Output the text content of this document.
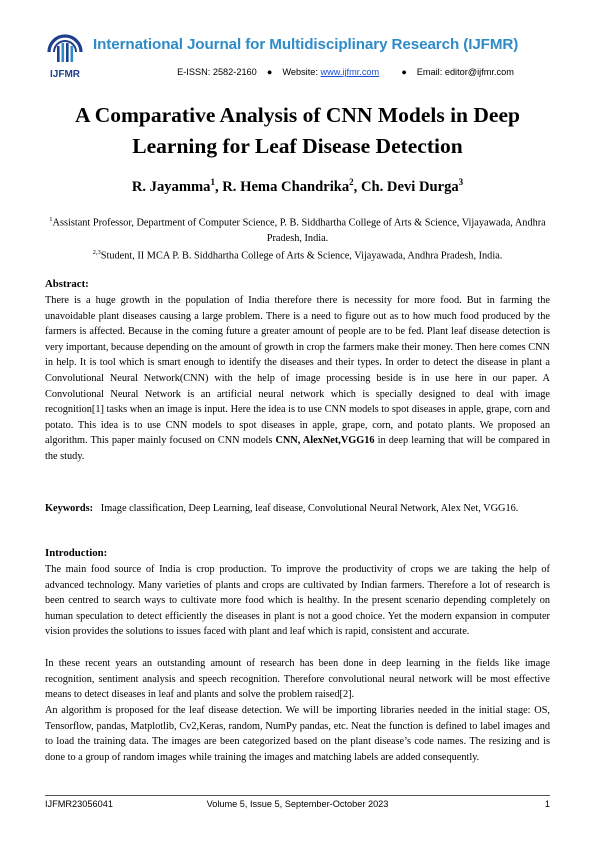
IJFMR
International Journal for Multidisciplinary Research (IJFMR)
E-ISSN: 2582-2160 ● Website: www.ijfmr.com ● Email: editor@ijfmr.com
A Comparative Analysis of CNN Models in Deep Learning for Leaf Disease Detection
R. Jayamma$^1$, R. Hema Chandrika$^2$, Ch. Devi Durga$^3$
$^1$Assistant Professor, Department of Computer Science, P. B. Siddhartha College of Arts & Science, Vijayawada, Andhra Pradesh, India.
$^{2,3}$Student, II MCA P. B. Siddhartha College of Arts & Science, Vijayawada, Andhra Pradesh, India.
Abstract:
There is a huge growth in the population of India therefore there is necessity for more food. But in farming the unavoidable plant diseases causing a large problem. There is a need to figure out as to how much food produced by the farmers is affected. Because in the coming future a greater amount of people are to be fed. Plant leaf disease detection is very important, because depending on the amount of growth in crop the farmers make their money. Then here comes CNN in help. It is tool which is smart enough to identify the diseases and their types. In order to detect the disease in plant a Convolutional Neural Network(CNN) with the help of image processing beside is in use here in our paper. A Convolutional Neural Network is an artificial neural network which is specially designed to deal with image recognition[1] tasks when an image is input. Here the idea is to use CNN models to spot diseases in apple, grape, corn and potato. This idea is to use CNN models to spot diseases in apple, grape, corn, and potato plants. We proposed an algorithm. This paper mainly focused on CNN models CNN, AlexNet,VGG16 in deep learning that will be compared in the study.
Keywords: Image classification, Deep Learning, leaf disease, Convolutional Neural Network, Alex Net, VGG16.
Introduction:
The main food source of India is crop production. To improve the productivity of crops we are taking the help of advanced technology. Many varieties of plants and crops are cultivated by Indian farmers. Therefore a lot of research is been centred to search ways to cultivate more food which is healthy. In the present scenario depending completely on human speculation to detect efficiently the diseases in plant is not a good choice. Yet the modern expansion in computer vision provides the solutions to issues faced with plant and leaf which is rapid, consistent and accurate.
In these recent years an outstanding amount of research has been done in deep learning in the fields like image recognition, sentiment analysis and speech recognition. Therefore convolutional neural network will be most effective means to detect diseases in leaf and plants and solve the problem raised[2].
An algorithm is proposed for the leaf disease detection. We will be importing libraries needed in the initial stage: OS, Tensorflow, pandas, Matplotlib, Cv2,Keras, random, NumPy pandas, etc. Neat the function is defined to label images and to load the training data. The images are been categorized based on the plant disease’s code names. The resizing and is done to a group of random images while training the images and matching labels are added consequently.
IJFMR23056041	Volume 5, Issue 5, September-October 2023	1
